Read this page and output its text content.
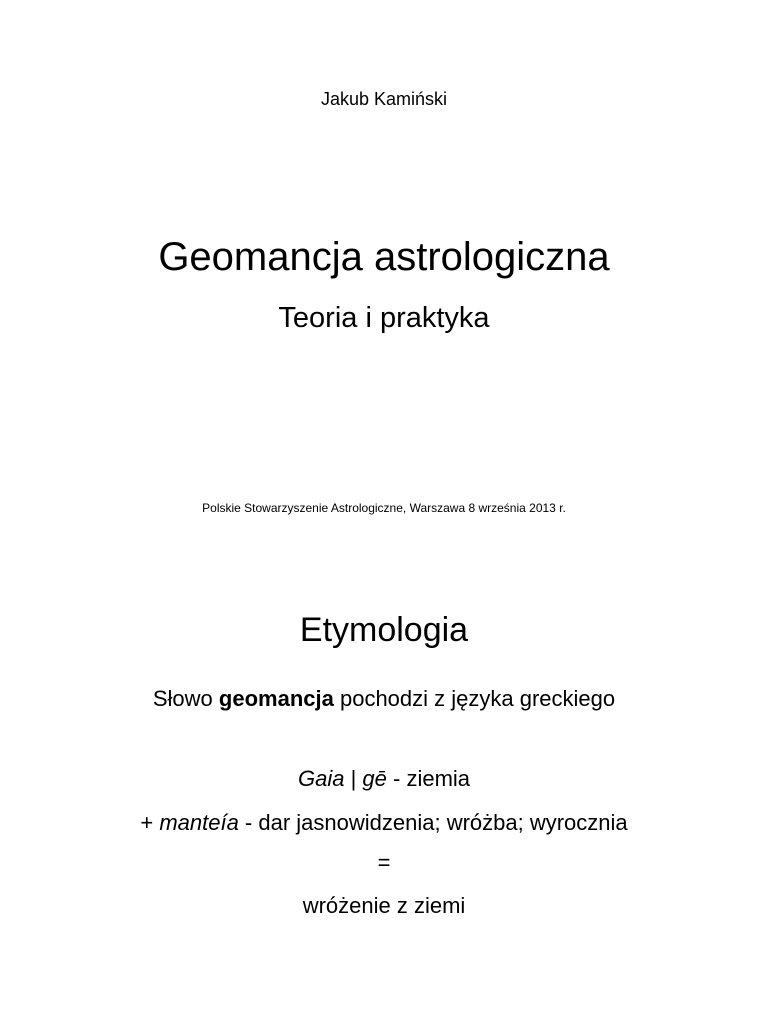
Jakub Kamiński
Geomancja astrologiczna
Teoria i praktyka
Polskie Stowarzyszenie Astrologiczne, Warszawa 8 września 2013 r.
Etymologia
Słowo geomancja pochodzi z języka greckiego
Gaia | gē - ziemia
+ manteía - dar jasnowidzenia; wróżba; wyrocznia
=
wróżenie z ziemi
